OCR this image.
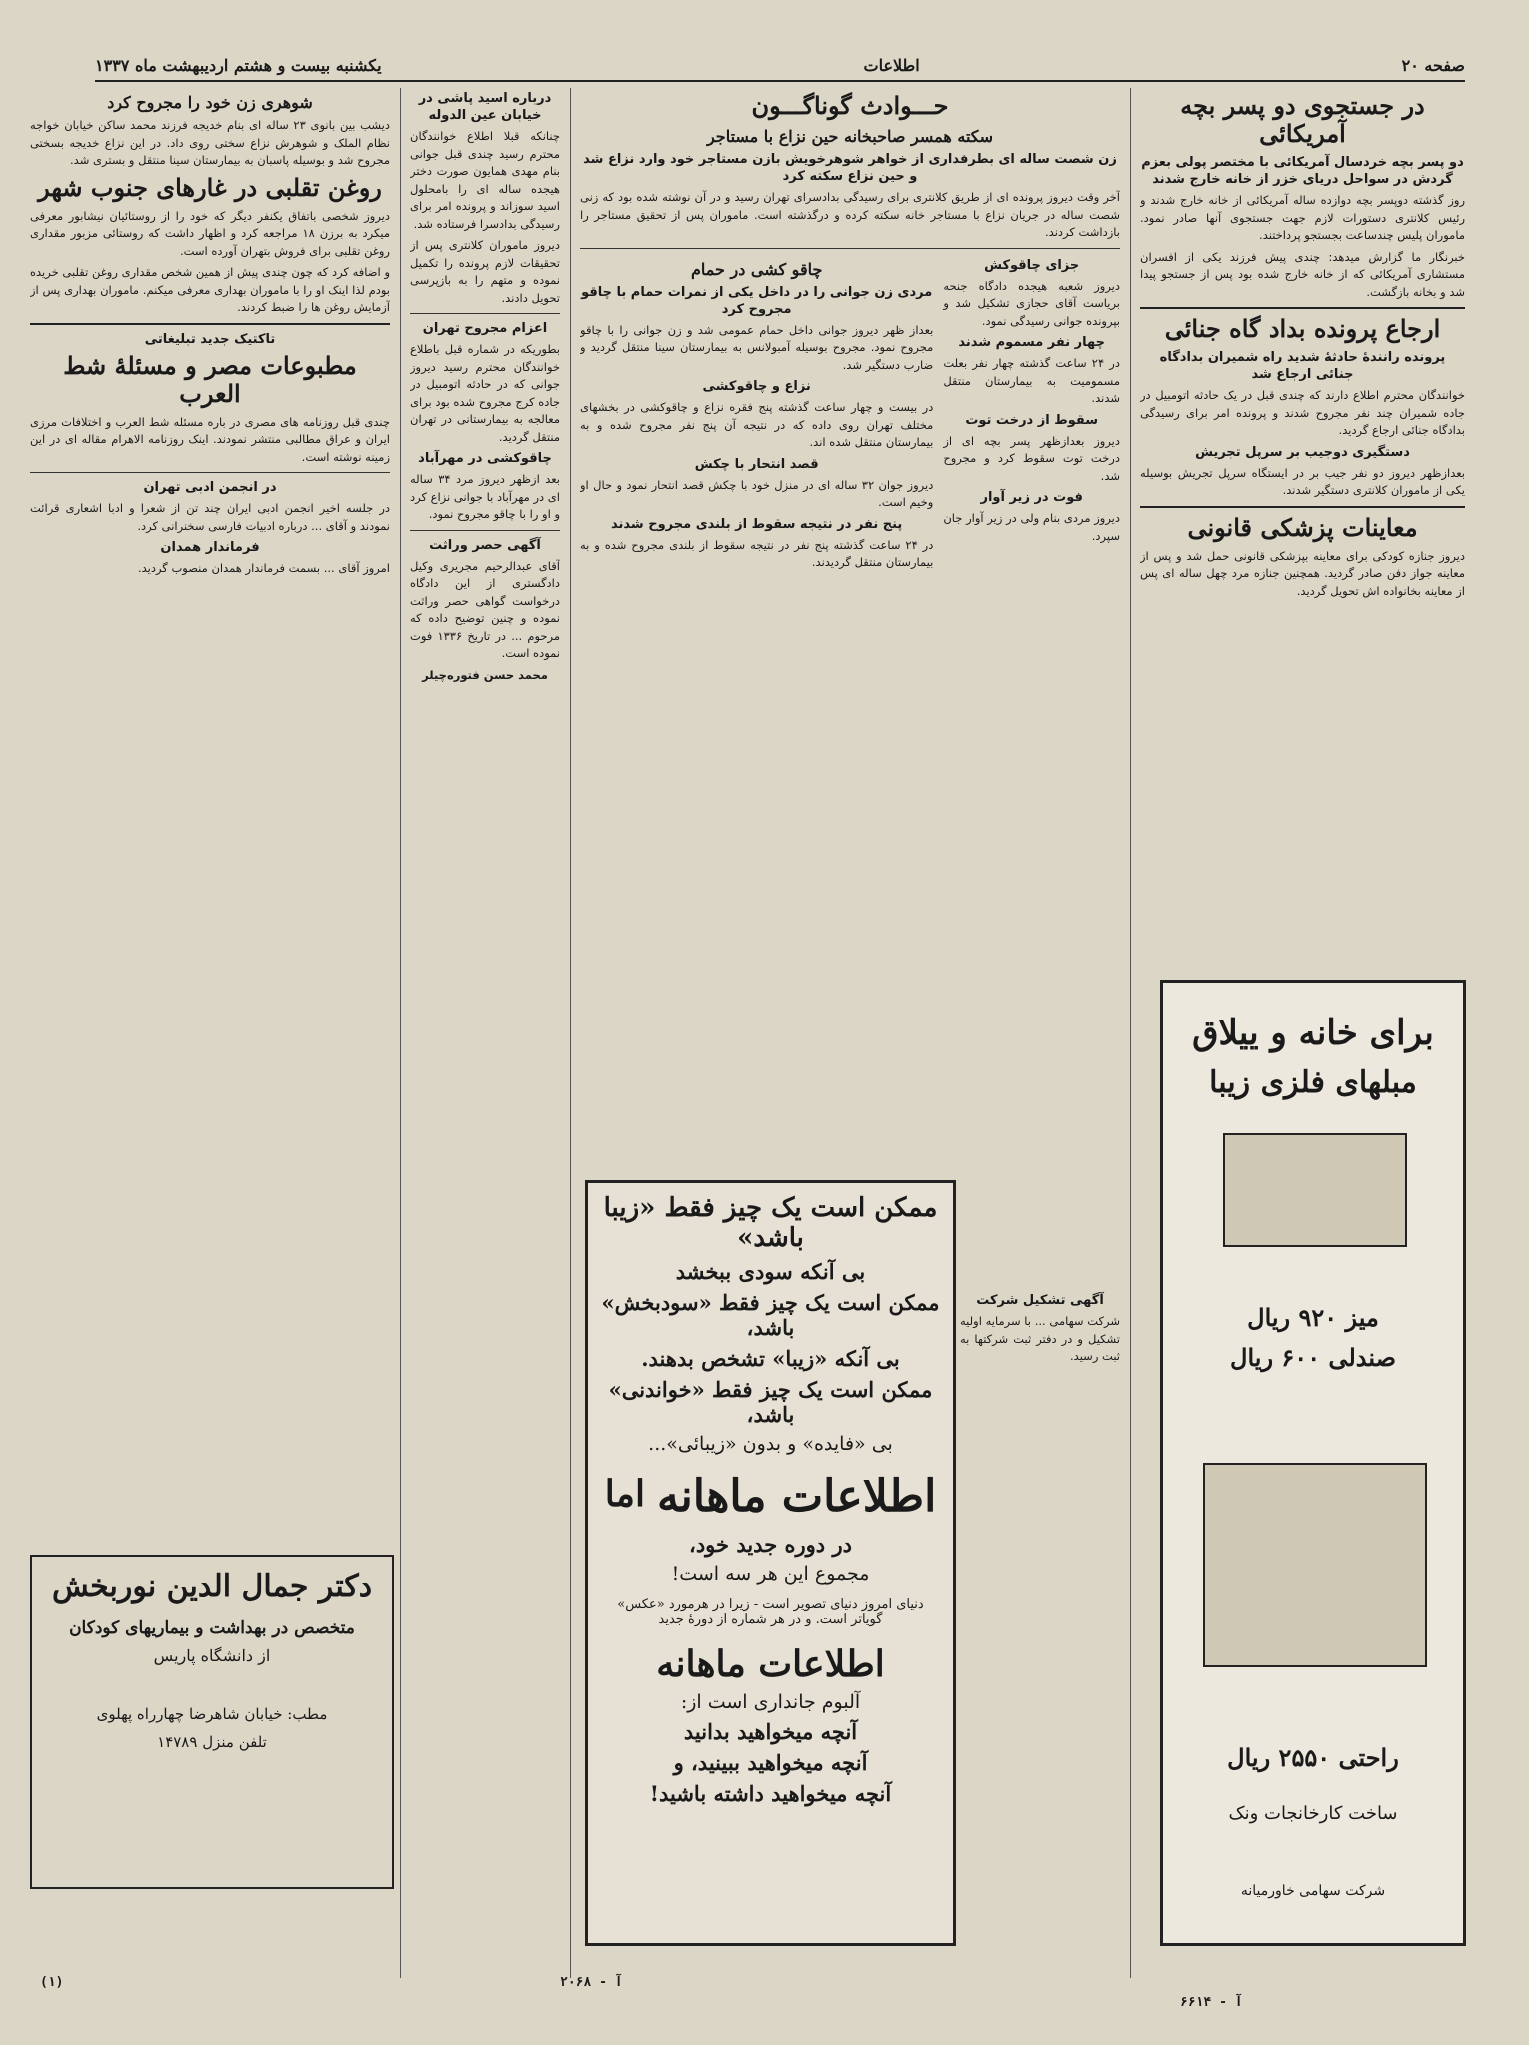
صفحه ۲۰
اطلاعات
یکشنبه بیست و هشتم اردیبهشت ماه ۱۳۳۷
در جستجوی دو پسر بچه آمریکائی
دو پسر بچه خردسال آمریکائی با مختصر پولی بعزم گردش در سواحل دریای خزر از خانه خارج شدند

روز گذشته دوپسر بچه دوازده ساله آمریکائی از خانه خارج شدند و رئیس کلانتری دستورات لازم جهت جستجوی آنها صادر نمود. ماموران پلیس چندساعت بجستجو پرداختند.

خبرنگار ما گزارش میدهد: چندی پیش فرزند یکی از افسران مستشاری آمریکائی که از خانه خارج شده بود پس از جستجو پیدا شد و بخانه بازگشت.

ارجاع پرونده بداد گاه جنائی
پرونده رانندهٔ حادثهٔ شدید راه شمیران بدادگاه جنائی ارجاع شد

خوانندگان محترم اطلاع دارند که چندی قبل در یک حادثه اتومبیل در جاده شمیران چند نفر مجروح شدند و پرونده امر برای رسیدگی بدادگاه جنائی ارجاع گردید.

دستگیری دوجیب بر سرپل تجریش

بعدازظهر دیروز دو نفر جیب بر در ایستگاه سرپل تجریش بوسیله یکی از ماموران کلانتری دستگیر شدند.

معاینات پزشکی قانونی

دیروز جنازه کودکی برای معاینه بپزشکی قانونی حمل شد و پس از معاینه جواز دفن صادر گردید. همچنین جنازه مرد چهل ساله ای پس از معاینه بخانواده اش تحویل گردید.

برای خانه و ییلاق
مبلهای فلزی زیبا
میز ۹۲۰ ریال
صندلی ۶۰۰ ریال
راحتی ۲۵۵۰ ریال
ساخت کارخانجات ونک
شرکت سهامی خاورمیانه
حـــوادث گوناگـــون
سکته همسر صاحبخانه حین نزاع با مستاجر
زن شصت ساله ای بطرفداری از خواهر شوهرخویش بازن مستاجر خود وارد نزاع شد و حین نزاع سکته کرد

آخر وقت دیروز پرونده ای از طریق کلانتری برای رسیدگی بدادسرای تهران رسید و در آن نوشته شده بود که زنی شصت ساله در جریان نزاع با مستاجر خانه سکته کرده و درگذشته است. ماموران پس از تحقیق مستاجر را بازداشت کردند.

جزای چاقوکش

دیروز شعبه هیجده دادگاه جنحه بریاست آقای حجازی تشکیل شد و بپرونده جوانی رسیدگی نمود.

چهار نفر مسموم شدند

در ۲۴ ساعت گذشته چهار نفر بعلت مسمومیت به بیمارستان منتقل شدند.

سقوط از درخت توت

دیروز بعدازظهر پسر بچه ای از درخت توت سقوط کرد و مجروح شد.

فوت در زیر آوار

دیروز مردی بنام ولی در زیر آوار جان سپرد.

چاقو کشی در حمام
مردی زن جوانی را در داخل یکی از نمرات حمام با چاقو مجروح کرد

بعداز ظهر دیروز جوانی داخل حمام عمومی شد و زن جوانی را با چاقو مجروح نمود. مجروح بوسیله آمبولانس به بیمارستان سینا منتقل گردید و ضارب دستگیر شد.

نزاع و چاقوکشی

در بیست و چهار ساعت گذشته پنج فقره نزاع و چاقوکشی در بخشهای مختلف تهران روی داده که در نتیجه آن پنج نفر مجروح شده و به بیمارستان منتقل شده اند.

قصد انتحار با چکش

دیروز جوان ۳۲ ساله ای در منزل خود با چکش قصد انتحار نمود و حال او وخیم است.

پنج نفر در نتیجه سقوط از بلندی مجروح شدند

در ۲۴ ساعت گذشته پنج نفر در نتیجه سقوط از بلندی مجروح شده و به بیمارستان منتقل گردیدند.

آگهی تشکیل شرکت

شرکت سهامی ... با سرمایه اولیه تشکیل و در دفتر ثبت شرکتها به ثبت رسید.

ممکن است یک چیز فقط «زیبا باشد»
بی آنکه سودی ببخشد
ممکن است یک چیز فقط «سودبخش» باشد،
بی آنکه «زیبا» تشخص بدهند.
ممکن است یک چیز فقط «خواندنی» باشد،
بی «فایده» و بدون «زیبائی»...
اطلاعات ماهانه
اما
در دوره جدید خود،
مجموع این هر سه است!
دنیای امروز دنیای تصویر است - زیرا در هرمورد «عکس» گویاتر است. و در هر شماره از دورهٔ جدید
اطلاعات ماهانه
آلبوم جانداری است از:
آنچه میخواهید بدانید
آنچه میخواهید ببینید، و
آنچه میخواهید داشته باشید!
درباره اسید پاشی در خیابان عین الدوله

چنانکه قبلا اطلاع خوانندگان محترم رسید چندی قبل جوانی بنام مهدی همایون صورت دختر هیجده ساله ای را بامحلول اسید سوزاند و پرونده امر برای رسیدگی بدادسرا فرستاده شد.

دیروز ماموران کلانتری پس از تحقیقات لازم پرونده را تکمیل نموده و متهم را به بازپرسی تحویل دادند.

اعزام مجروح تهران

بطوریکه در شماره قبل باطلاع خوانندگان محترم رسید دیروز جوانی که در حادثه اتومبیل در جاده کرج مجروح شده بود برای معالجه به بیمارستانی در تهران منتقل گردید.

چاقوکشی در مهرآباد

بعد ازظهر دیروز مرد ۳۴ ساله ای در مهرآباد با جوانی نزاع کرد و او را با چاقو مجروح نمود.

آگهی حصر وراثت

آقای عبدالرحیم مجریری وکیل دادگستری از این دادگاه درخواست گواهی حصر وراثت نموده و چنین توضیح داده که مرحوم ... در تاریخ ۱۳۳۶ فوت نموده است.

محمد حسن فتوره‌چیلر

شوهری زن خود را مجروح کرد

دیشب بین بانوی ۲۳ ساله ای بنام خدیجه فرزند محمد ساکن خیابان خواجه نظام الملک و شوهرش نزاع سختی روی داد. در این نزاع خدیجه بسختی مجروح شد و بوسیله پاسبان به بیمارستان سینا منتقل و بستری شد.

روغن تقلبی در غارهای جنوب شهر

دیروز شخصی باتفاق یکنفر دیگر که خود را از روستائیان نیشابور معرفی میکرد به برزن ۱۸ مراجعه کرد و اظهار داشت که روستائی مزبور مقداری روغن تقلبی برای فروش بتهران آورده است.

و اضافه کرد که چون چندی پیش از همین شخص مقداری روغن تقلبی خریده بودم لذا اینک او را با ماموران بهداری معرفی میکنم. ماموران بهداری پس از آزمایش روغن ها را ضبط کردند.

تاکتیک جدید تبلیغاتی
مطبوعات مصر و مسئلهٔ شط العرب

چندی قبل روزنامه های مصری در باره مسئله شط العرب و اختلافات مرزی ایران و عراق مطالبی منتشر نمودند. اینک روزنامه الاهرام مقاله ای در این زمینه نوشته است.

در انجمن ادبی تهران

در جلسه اخیر انجمن ادبی ایران چند تن از شعرا و ادبا اشعاری قرائت نمودند و آقای ... درباره ادبیات فارسی سخنرانی کرد.

فرماندار همدان

امروز آقای ... بسمت فرماندار همدان منصوب گردید.

دکتر جمال الدین نوربخش
متخصص در بهداشت و بیماریهای کودکان
از دانشگاه پاریس
مطب: خیابان شاهرضا چهارراه پهلوی
تلفن منزل ۱۴۷۸۹
(۱)	آ - ۲۰۶۸
آ - ۶۶۱۴
